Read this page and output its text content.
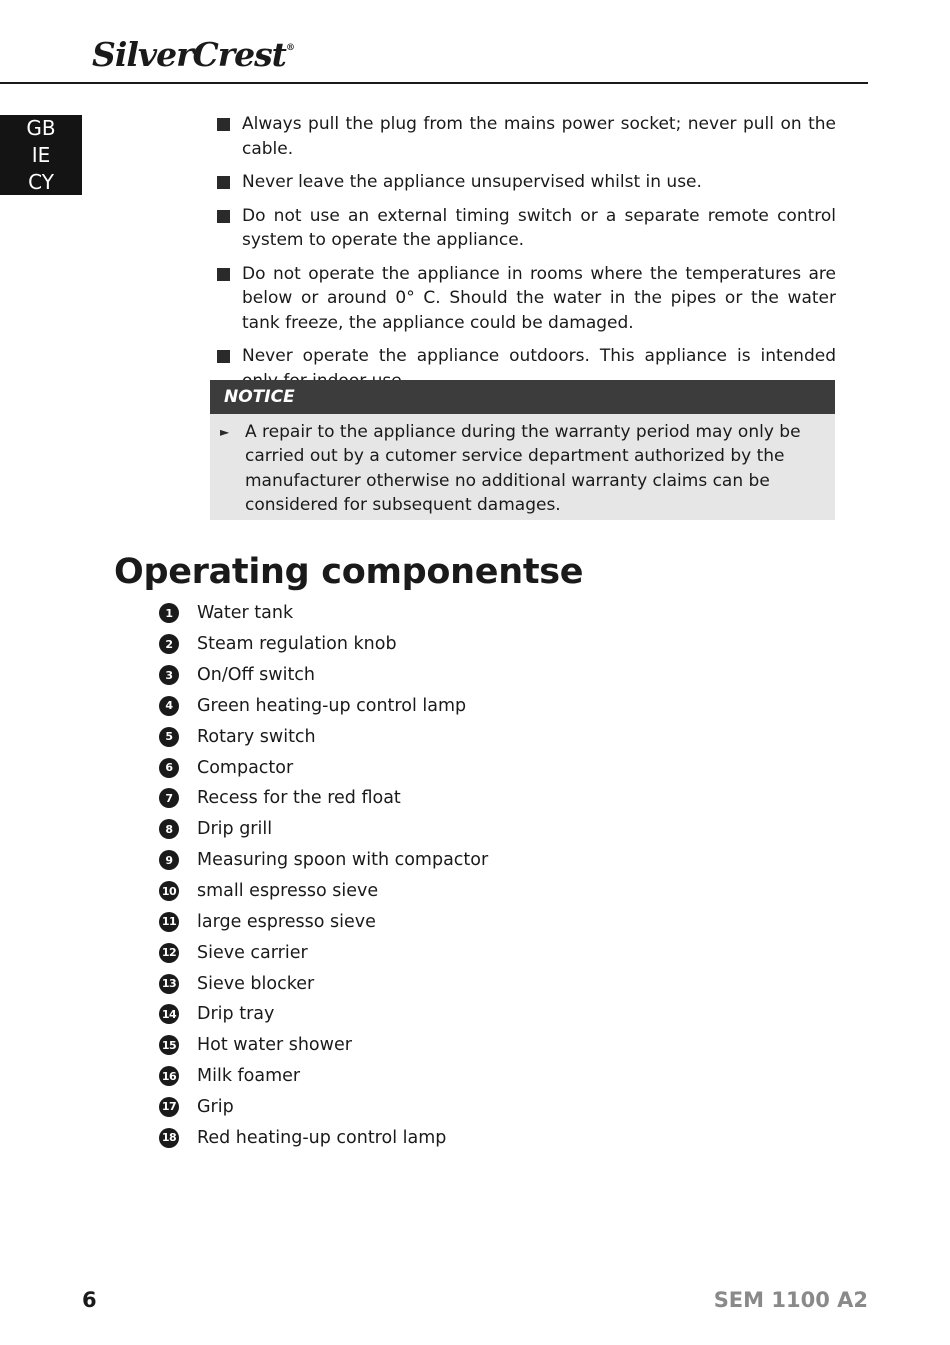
SilverCrest®
GB
IE
CY
Always pull the plug from the mains power socket; never pull on the cable.
Never leave the appliance unsupervised whilst in use.
Do not use an external timing switch or a separate remote control system to operate the appliance.
Do not operate the appliance in rooms where the temperatures are below or around 0° C. Should the water in the pipes or the water tank freeze, the appliance could be damaged.
Never operate the appliance outdoors. This appliance is intended
NOTICE
► A repair to the appliance during the warranty period may only be carried out by a cutomer service department authorized by the manufacturer otherwise no additional warranty claims can be considered for subsequent damages.
Operating componentse
1	Water tank
2	Steam regulation knob
3	On/Off switch
4	Green heating-up control lamp
5	Rotary switch
6	Compactor
7	Recess for the red float
8	Drip grill
9	Measuring spoon with compactor
10 small espresso sieve
11 large espresso sieve
12 Sieve carrier
13 Sieve blocker
14 Drip tray
15 Hot water shower
16 Milk foamer
17 Grip
18 Red heating-up control lamp
6	SEM 1100 A2
